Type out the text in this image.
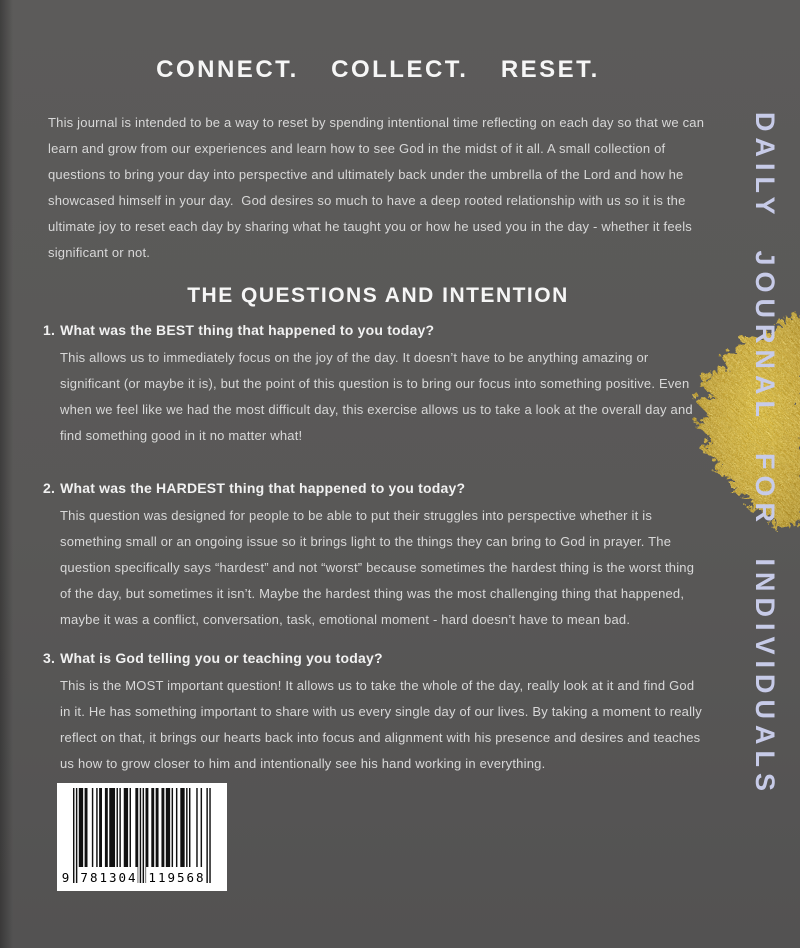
DAILY JOURNAL FOR INDIVIDUALS
CONNECT.  COLLECT.  RESET.

This journal is intended to be a way to reset by spending intentional time reflecting on each day so that we can learn and grow from our experiences and learn how to see God in the midst of it all. A small collection of questions to bring your day into perspective and ultimately back under the umbrella of the Lord and how he showcased himself in your day.  God desires so much to have a deep rooted relationship with us so it is the ultimate joy to reset each day by sharing what he taught you or how he used you in the day - whether it feels significant or not.

THE QUESTIONS AND INTENTION
1. What was the BEST thing that happened to you today?

This allows us to immediately focus on the joy of the day. It doesn’t have to be anything amazing or significant (or maybe it is), but the point of this question is to bring our focus into something positive. Even when we feel like we had the most difficult day, this exercise allows us to take a look at the overall day and find something good in it no matter what!

2. What was the HARDEST thing that happened to you today?

This question was designed for people to be able to put their struggles into perspective whether it is something small or an ongoing issue so it brings light to the things they can bring to God in prayer. The question specifically says “hardest” and not “worst” because sometimes the hardest thing is the worst thing of the day, but sometimes it isn’t. Maybe the hardest thing was the most challenging thing that happened, maybe it was a conflict, conversation, task, emotional moment - hard doesn’t have to mean bad.

3. What is God telling you or teaching you today?

This is the MOST important question! It allows us to take the whole of the day, really look at it and find God in it. He has something important to share with us every single day of our lives. By taking a moment to really reflect on that, it brings our hearts back into focus and alignment with his presence and desires and teaches us how to grow closer to him and intentionally see his hand working in everything.

9 781304 119568
